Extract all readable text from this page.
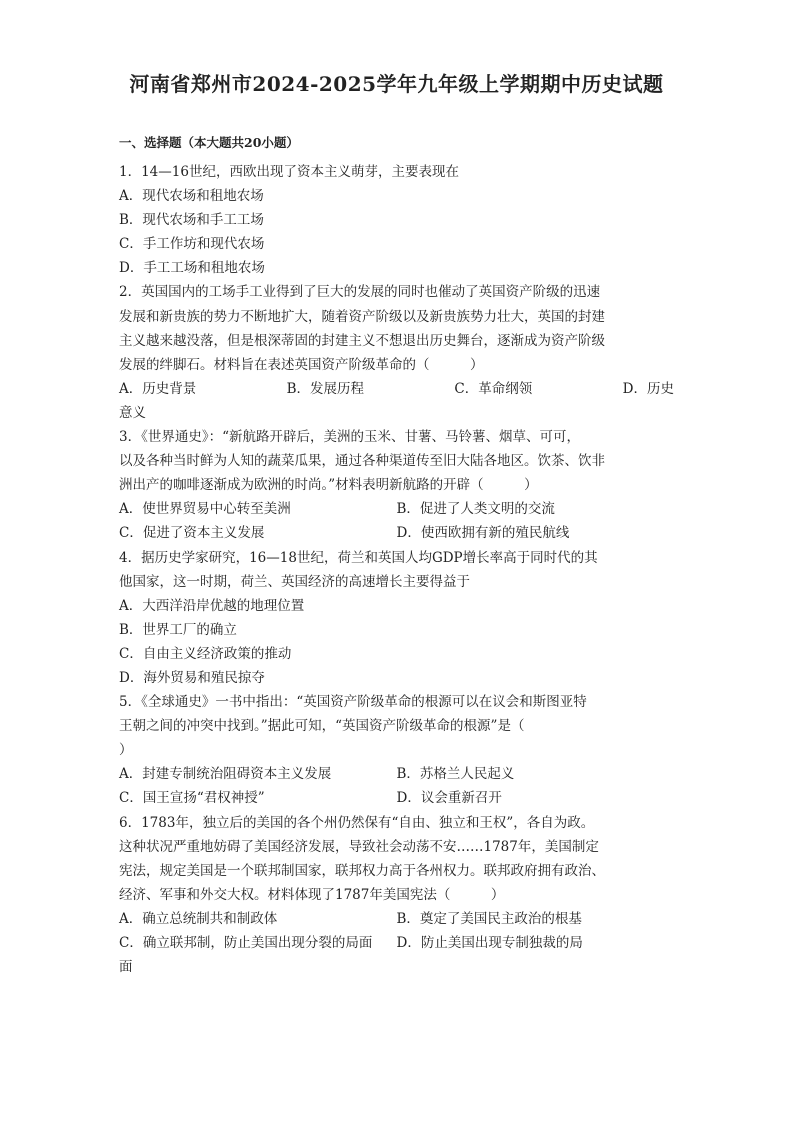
河南省郑州市2024-2025学年九年级上学期期中历史试题
一、选择题（本大题共20小题）
1．14—16世纪，西欧出现了资本主义萌芽，主要表现在
A．现代农场和租地农场
B．现代农场和手工工场
C．手工作坊和现代农场
D．手工工场和租地农场
2．英国国内的工场手工业得到了巨大的发展的同时也催动了英国资产阶级的迅速
发展和新贵族的势力不断地扩大，随着资产阶级以及新贵族势力壮大，英国的封建
主义越来越没落，但是根深蒂固的封建主义不想退出历史舞台，逐渐成为资产阶级
发展的绊脚石。材料旨在表述英国资产阶级革命的（　　　）
A．历史背景	B．发展历程	C．革命纲领	D．历史
意义
3．《世界通史》：“新航路开辟后，美洲的玉米、甘薯、马铃薯、烟草、可可，
以及各种当时鲜为人知的蔬菜瓜果，通过各种渠道传至旧大陆各地区。饮茶、饮非
洲出产的咖啡逐渐成为欧洲的时尚。”材料表明新航路的开辟（　　　）
A．使世界贸易中心转至美洲	B．促进了人类文明的交流
C．促进了资本主义发展	D．使西欧拥有新的殖民航线
4．据历史学家研究，16—18世纪，荷兰和英国人均GDP增长率高于同时代的其
他国家，这一时期，荷兰、英国经济的高速增长主要得益于
A．大西洋沿岸优越的地理位置
B．世界工厂的确立
C．自由主义经济政策的推动
D．海外贸易和殖民掠夺
5．《全球通史》一书中指出：“英国资产阶级革命的根源可以在议会和斯图亚特
王朝之间的冲突中找到。”据此可知，“英国资产阶级革命的根源”是（
）
A．封建专制统治阻碍资本主义发展	B．苏格兰人民起义
C．国王宣扬“君权神授”	D．议会重新召开
6．1783年，独立后的美国的各个州仍然保有“自由、独立和王权”，各自为政。
这种状况严重地妨碍了美国经济发展，导致社会动荡不安……1787年，美国制定
宪法，规定美国是一个联邦制国家，联邦权力高于各州权力。联邦政府拥有政治、
经济、军事和外交大权。材料体现了1787年美国宪法（　　　）
A．确立总统制共和制政体	B．奠定了美国民主政治的根基
C．确立联邦制，防止美国出现分裂的局面	D．防止美国出现专制独裁的局
面
